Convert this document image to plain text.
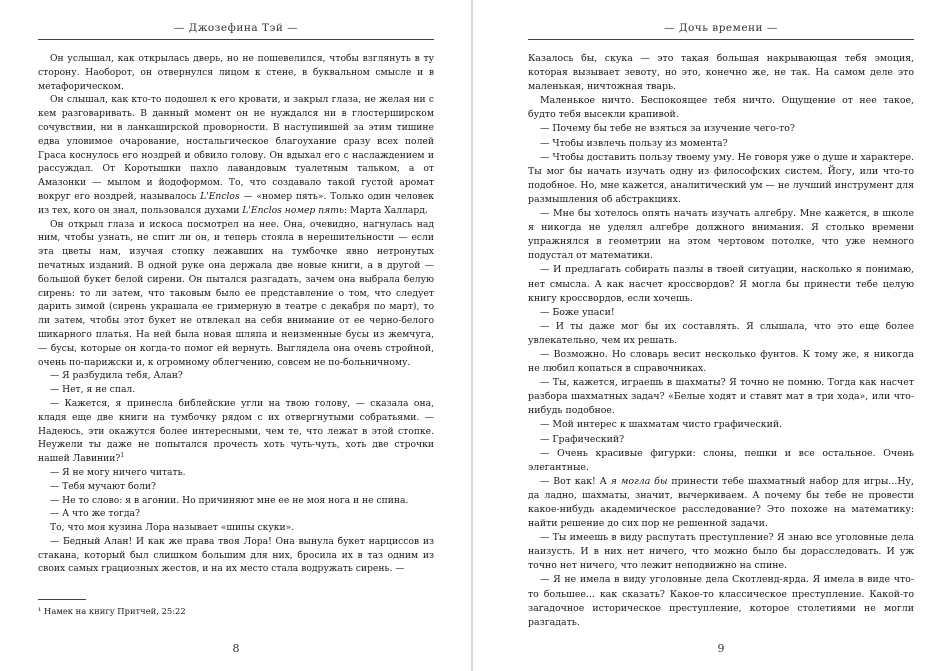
— Джозефина Тэй —

Он услышал, как открылась дверь, но не пошевелился, чтобы взглянуть в ту сторону. Наоборот, он отвернулся лицом к стене, в буквальном смысле и в метафорическом.

Он слышал, как кто-то подошел к его кровати, и закрыл глаза, не желая ни с кем разговаривать. В данный момент он не нуждался ни в глостерширском сочувствии, ни в ланкаширской проворности. В наступившей за этим тишине едва уловимое очарование, ностальгическое благоухание сразу всех полей Граса коснулось его ноздрей и обвило голову. Он вдыхал его с наслаждением и рассуждал. От Коротышки пахло лавандовым туалетным тальком, а от Амазонки — мылом и йодоформом. То, что создавало такой густой аромат вокруг его ноздрей, называлось L'Enclos — «номер пять». Только один человек из тех, кого он знал, пользовался духами L'Enclos номер пять: Марта Халлард.

Он открыл глаза и искоса посмотрел на нее. Она, очевидно, нагнулась над ним, чтобы узнать, не спит ли он, и теперь стояла в нерешительности — если эта цветы нам, изучая стопку лежавших на тумбочке явно нетронутых печатных изданий. В одной руке она держала две новые книги, а в другой — большой букет белой сирени. Он пытался разгадать, зачем она выбрала белую сирень: то ли затем, что таковым было ее представление о том, что следует дарить зимой (сирень украшала ее гримерную в театре с декабря по март), то ли затем, чтобы этот букет не отвлекал на себя внимание от ее черно-белого шикарного платья. На ней была новая шляпа и неизменные бусы из жемчуга, — бусы, которые он когда-то помог ей вернуть. Выглядела она очень стройной, очень по-парижски и, к огромному облегчению, совсем не по-больничному.

— Я разбудила тебя, Алан?

— Нет, я не спал.

— Кажется, я принесла библейские угли на твою голову, — сказала она, кладя еще две книги на тумбочку рядом с их отвергнутыми собратьями. — Надеюсь, эти окажутся более интересными, чем те, что лежат в этой стопке. Неужели ты даже не попытался прочесть хоть чуть-чуть, хоть две строчки нашей Лавинии?$^1$

— Я не могу ничего читать.

— Тебя мучают боли?

— Не то слово: я в агонии. Но причиняют мне ее не моя нога и не спина.

— А что же тогда?

То, что моя кузина Лора называет «шипы скуки».

— Бедный Алан! И как же права твоя Лора! Она вынула букет нарциссов из стакана, который был слишком большим для них, бросила их в таз одним из своих самых грациозных жестов, и на их место стала водружать сирень. —

¹ Намек на книгу Притчей, 25:22
8
— Дочь времени —

Казалось бы, скука — это такая большая накрывающая тебя эмоция, которая вызывает зевоту, но это, конечно же, не так. На самом деле это маленькая, ничтожная тварь.

Маленькое ничто. Беспокоящее тебя ничто. Ощущение от нее такое, будто тебя высекли крапивой.

— Почему бы тебе не взяться за изучение чего-то?

— Чтобы извлечь пользу из момента?

— Чтобы доставить пользу твоему уму. Не говоря уже о душе и характере. Ты мог бы начать изучать одну из философских систем. Йогу, или что-то подобное. Но, мне кажется, аналитический ум — не лучший инструмент для размышления об абстракциях.

— Мне бы хотелось опять начать изучать алгебру. Мне кажется, в школе я никогда не уделял алгебре должного внимания. Я столько времени упражнялся в геометрии на этом чертовом потолке, что уже немного подустал от математики.

— И предлагать собирать пазлы в твоей ситуации, насколько я понимаю, нет смысла. А как насчет кроссвордов? Я могла бы принести тебе целую книгу кроссвордов, если хочешь.

— Боже упаси!

— И ты даже мог бы их составлять. Я слышала, что это еще более увлекательно, чем их решать.

— Возможно. Но словарь весит несколько фунтов. К тому же, я никогда не любил копаться в справочниках.

— Ты, кажется, играешь в шахматы? Я точно не помню. Тогда как насчет разбора шахматных задач? «Белые ходят и ставят мат в три хода», или что-нибудь подобное.

— Мой интерес к шахматам чисто графический.

— Графический?

— Очень красивые фигурки: слоны, пешки и все остальное. Очень элегантные.

— Вот как! А я могла бы принести тебе шахматный набор для игры...Ну, да ладно, шахматы, значит, вычеркиваем. А почему бы тебе не провести какое-нибудь академическое расследование? Это похоже на математику: найти решение до сих пор не решенной задачи.

— Ты имеешь в виду распутать преступление? Я знаю все уголовные дела наизусть. И в них нет ничего, что можно было бы дорасследовать. И уж точно нет ничего, что лежит неподвижно на спине.

— Я не имела в виду уголовные дела Скотленд-ярда. Я имела в виде что-то большее... как сказать? Какое-то классическое преступление. Какой-то загадочное историческое преступление, которое столетиями не могли разгадать.

9
